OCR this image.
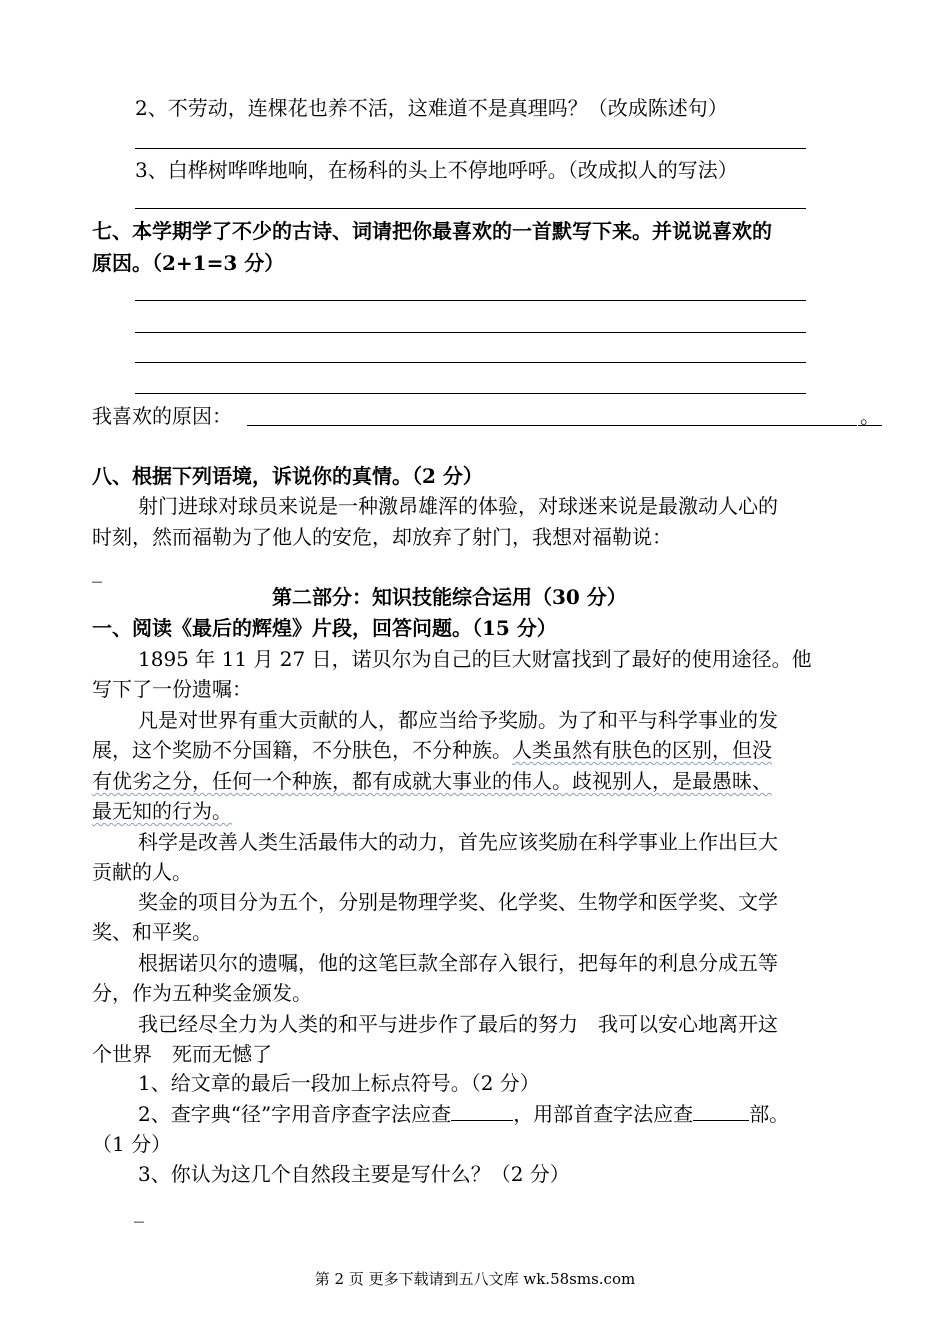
2、不劳动，连棵花也养不活，这难道不是真理吗？（改成陈述句）
3、白桦树哗哗地响，在杨科的头上不停地呼呼。（改成拟人的写法）
七、本学期学了不少的古诗、词请把你最喜欢的一首默写下来。并说说喜欢的
原因。（2+1=3 分）
我喜欢的原因：	。
八、根据下列语境，诉说你的真情。（2 分）
射门进球对球员来说是一种激昂雄浑的体验，对球迷来说是最激动人心的
时刻，然而福勒为了他人的安危，却放弃了射门，我想对福勒说：
_
第二部分：知识技能综合运用（30 分）
一、阅读《最后的辉煌》片段，回答问题。（15 分）
1895 年 11 月 27 日，诺贝尔为自己的巨大财富找到了最好的使用途径。他
写下了一份遗嘱：
凡是对世界有重大贡献的人，都应当给予奖励。为了和平与科学事业的发
展，这个奖励不分国籍，不分肤色，不分种族。人类虽然有肤色的区别，但没
有优劣之分，任何一个种族，都有成就大事业的伟人。歧视别人，是最愚昧、
最无知的行为。
科学是改善人类生活最伟大的动力，首先应该奖励在科学事业上作出巨大
贡献的人。
奖金的项目分为五个，分别是物理学奖、化学奖、生物学和医学奖、文学
奖、和平奖。
根据诺贝尔的遗嘱，他的这笔巨款全部存入银行，把每年的利息分成五等
分，作为五种奖金颁发。
我已经尽全力为人类的和平与进步作了最后的努力　我可以安心地离开这
个世界　死而无憾了
1、给文章的最后一段加上标点符号。（2 分）
2、查字典“径”字用音序查字法应查	，用部首查字法应查	部。
（1 分）
3、你认为这几个自然段主要是写什么？（2 分）
_
第 2 页 更多下载请到五八文库 wk.58sms.com
